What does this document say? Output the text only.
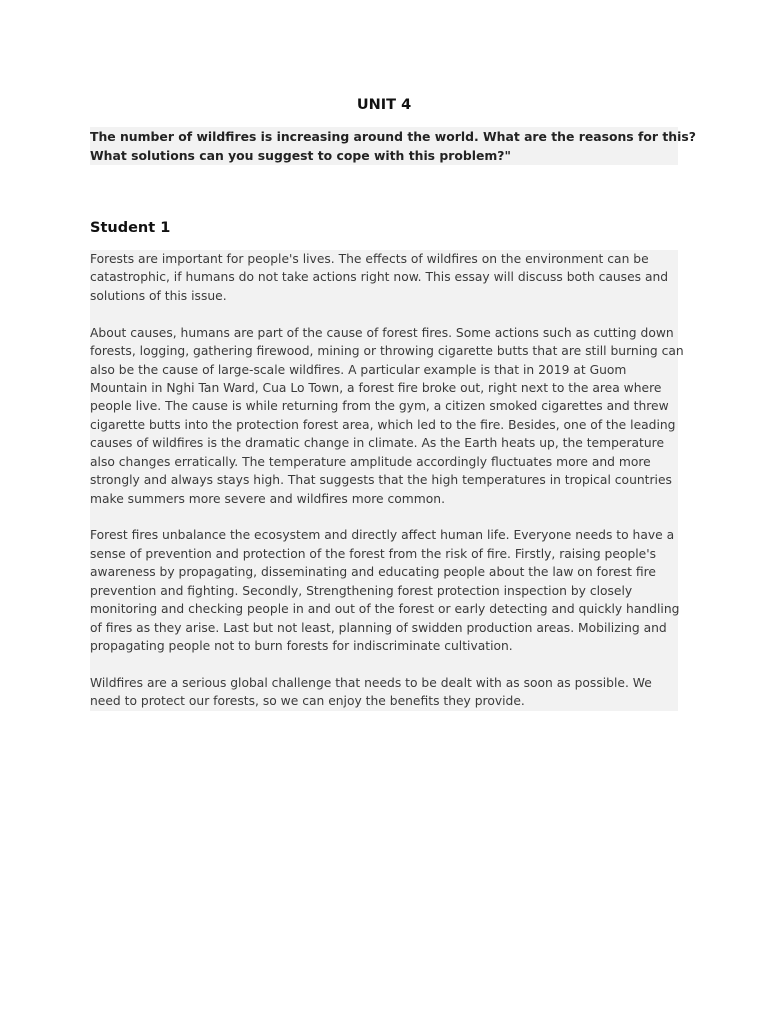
UNIT 4
The number of wildfires is increasing around the world. What are the reasons for this?
What solutions can you suggest to cope with this problem?"
Student 1

Forests are important for people's lives. The effects of wildfires on the environment can be
catastrophic, if humans do not take actions right now. This essay will discuss both causes and
solutions of this issue.

About causes, humans are part of the cause of forest fires. Some actions such as cutting down
forests, logging, gathering firewood, mining or throwing cigarette butts that are still burning can
also be the cause of large-scale wildfires. A particular example is that in 2019 at Guom
Mountain in Nghi Tan Ward, Cua Lo Town, a forest fire broke out, right next to the area where
people live. The cause is while returning from the gym, a citizen smoked cigarettes and threw
cigarette butts into the protection forest area, which led to the fire. Besides, one of the leading
causes of wildfires is the dramatic change in climate. As the Earth heats up, the temperature
also changes erratically. The temperature amplitude accordingly fluctuates more and more
strongly and always stays high. That suggests that the high temperatures in tropical countries
make summers more severe and wildfires more common.

Forest fires unbalance the ecosystem and directly affect human life. Everyone needs to have a
sense of prevention and protection of the forest from the risk of fire. Firstly, raising people's
awareness by propagating, disseminating and educating people about the law on forest fire
prevention and fighting. Secondly, Strengthening forest protection inspection by closely
monitoring and checking people in and out of the forest or early detecting and quickly handling
of fires as they arise. Last but not least, planning of swidden production areas. Mobilizing and
propagating people not to burn forests for indiscriminate cultivation.

Wildfires are a serious global challenge that needs to be dealt with as soon as possible. We
need to protect our forests, so we can enjoy the benefits they provide.
